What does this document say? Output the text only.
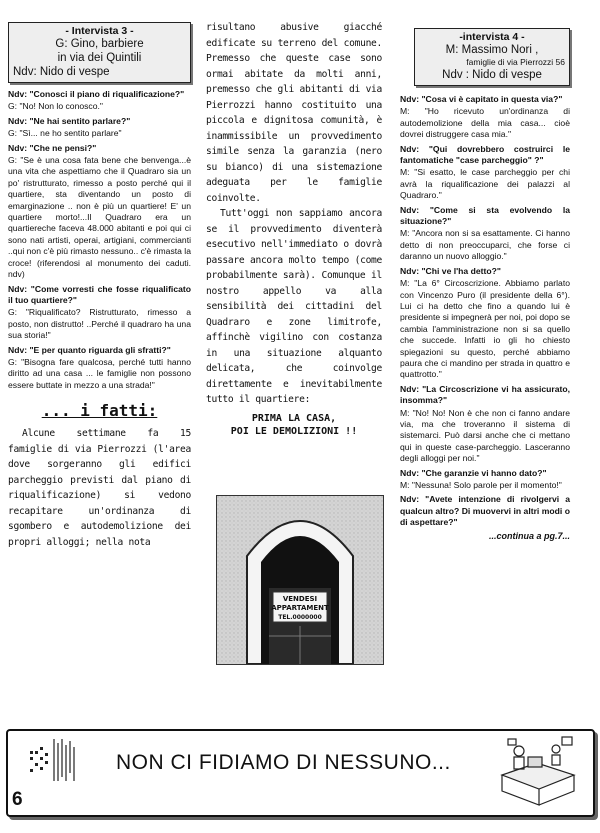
- Intervista 3 -
G: Gino, barbiere
in via dei Quintili
Ndv: Nido di vespe
Ndv: "Conosci il piano di riqualificazione?"
G: "No! Non lo conosco."
Ndv: "Ne hai sentito parlare?"
G: "Sì... ne ho sentito parlare"
Ndv: "Che ne pensi?"
G: "Se è una cosa fata bene che benvenga...è una vita che aspettiamo che il Quadraro sia un po' ristrutturato, rimesso a posto perché qui il quartiere, sta diventando un posto di emarginazione .. non è più un quartiere! E' un quartiere morto!...Il Quadraro era un quartiereche faceva 48.000 abitanti e poi qui ci sono nati artisti, operai, artigiani, commercianti ..qui non c'è più rimasto nessuno.. c'è rimasta la croce! (riferendosi al monumento dei caduti. ndv)
Ndv: "Come vorresti che fosse riqualificato il tuo quartiere?"
G: "Riqualificato? Ristrutturato, rimesso a posto, non distrutto! ..Perché il quadraro ha una sua storia!"
Ndv: "E per quanto riguarda gli sfratti?"
G: "Bisogna fare qualcosa, perché tutti hanno diritto ad una casa ... le famiglie non possono essere buttate in mezzo a una strada!"
... i fatti:

Alcune settimane fa 15 famiglie di via Pierrozzi (l'area dove sorgeranno gli edifici parcheggio previsti dal piano di riqualificazione) si vedono recapitare un'ordinanza di sgombero e autodemolizione dei propri alloggi; nella nota

risultano abusive giacché edificate su terreno del comune. Premesso che queste case sono ormai abitate da molti anni, premesso che gli abitanti di via Pierrozzi hanno costituito una piccola e dignitosa comunità, è inammissibile un provvedimento simile senza la garanzia (nero su bianco) di una sistemazione adeguata per le famiglie coinvolte.

Tutt'oggi non sappiamo ancora se il provvedimento diventerà esecutivo nell'immediato o dovrà passare ancora molto tempo (come probabilmente sarà). Comunque il nostro appello va alla sensibilità dei cittadini del Quadraro e zone limitrofe, affinchè vigilino con costanza in una situazione alquanto delicata, che coinvolge direttamente e inevitabilmente tutto il quartiere:

PRIMA LA CASA,
POI LE DEMOLIZIONI !!
VENDESI
APPARTAMENT
TEL.0000000
-intervista 4 -
M: Massimo Nori ,
famiglie di via Pierrozzi 56
Ndv : Nido di vespe
Ndv: "Cosa vi è capitato in questa via?"
M: "Ho ricevuto un'ordinanza di autodemolizione della mia casa... cioè dovrei distruggere casa mia."
Ndv: "Qui dovrebbero costruirci le fantomatiche "case parcheggio" ?"
M: "Si esatto, le case parcheggio per chi avrà la riqualificazione dei palazzi al Quadraro."
Ndv: "Come si sta evolvendo la situazione?"
M: "Ancora non si sa esattamente. Ci hanno detto di non preoccuparci, che forse ci daranno un nuovo alloggio."
Ndv: "Chi ve l'ha detto?"
M: "La 6° Circoscrizione. Abbiamo parlato con Vincenzo Puro (il presidente della 6°). Lui ci ha detto che fino a quando lui è presidente si impegnerà per noi, poi dopo se cambia l'amministrazione non si sa quello che succede. Infatti io gli ho chiesto spiegazioni su questo, perché abbiamo paura che ci mandino per strada in quattro e quattrotto."
Ndv: "La Circoscrizione vi ha assicurato, insomma?"
M: "No! No! Non è che non ci fanno andare via, ma che troveranno il sistema di sistemarci. Può darsi anche che ci mettano qui in queste case-parcheggio. Lasceranno degli alloggi per noi."
Ndv: "Che garanzie vi hanno dato?"
M: "Nessuna! Solo parole per il momento!"
Ndv: "Avete intenzione di rivolgervi a qualcun altro? Di muovervi in altri modi o di aspettare?"
...continua a pg.7...
NON CI FIDIAMO DI NESSUNO...
6
